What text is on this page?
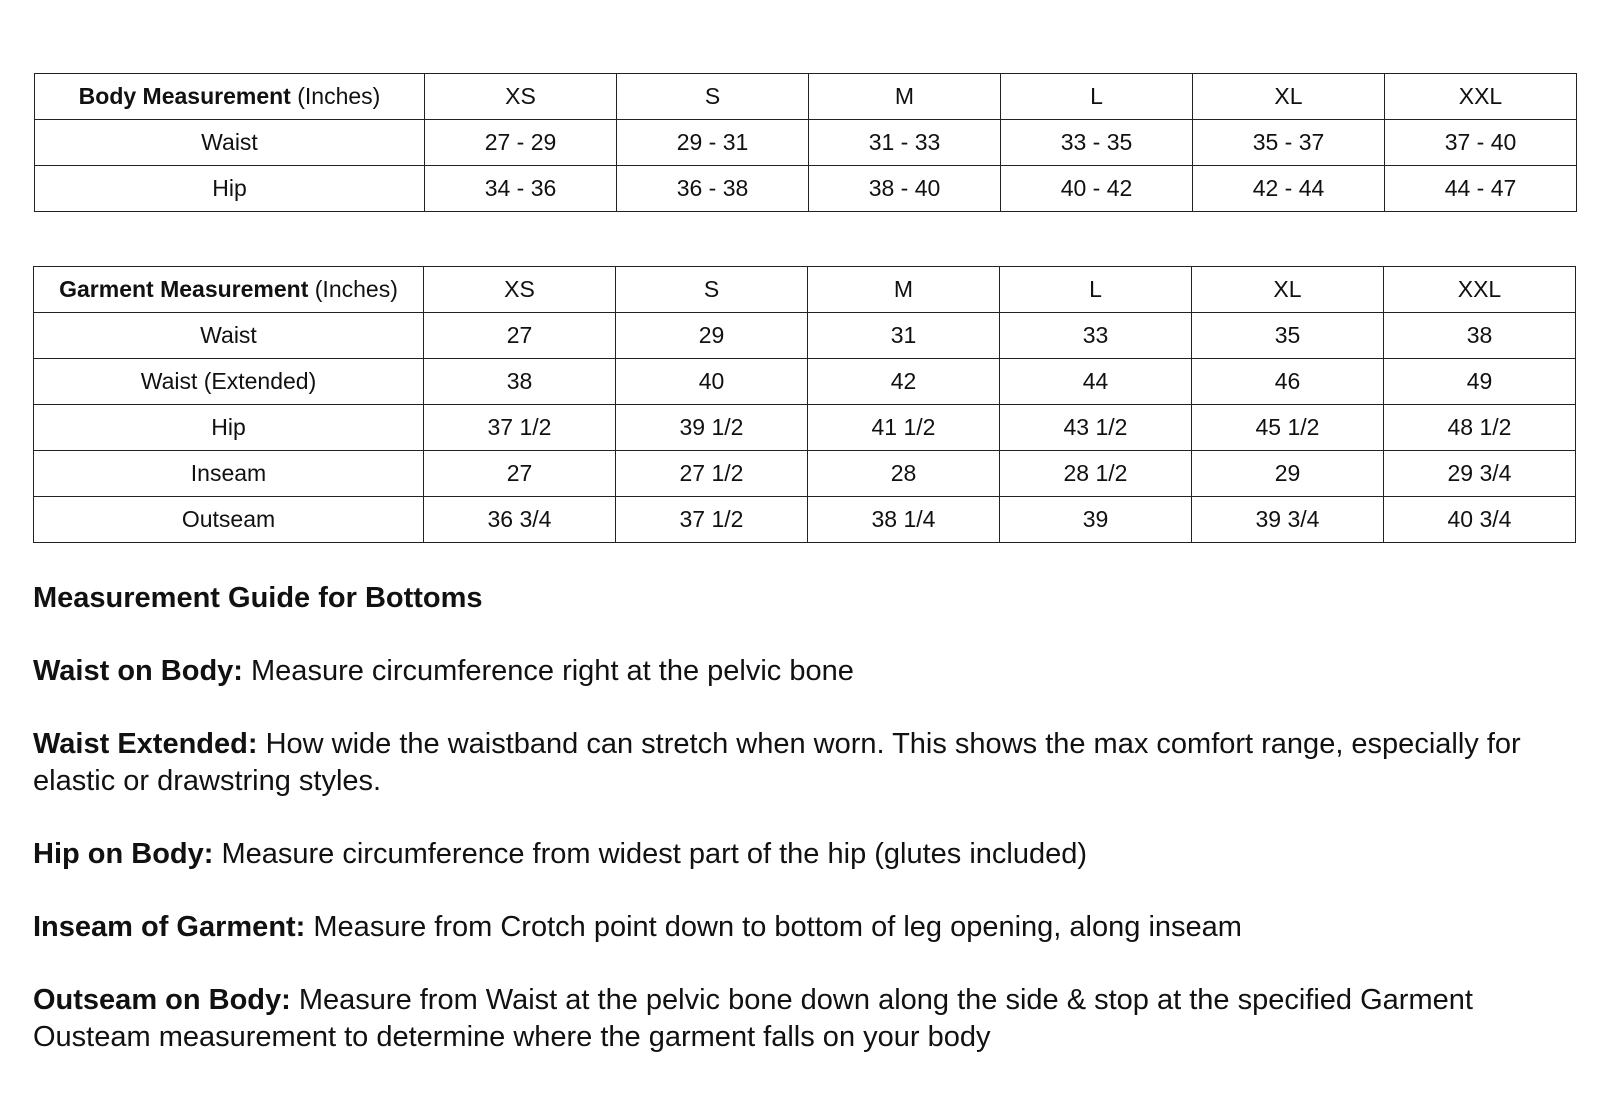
Body Measurement (Inches)	XS	S	M	L	XL	XXL
Waist	27 - 29	29 - 31	31 - 33	33 - 35	35 - 37	37 - 40
Hip	34 - 36	36 - 38	38 - 40	40 - 42	42 - 44	44 - 47
Garment Measurement (Inches)	XS	S	M	L	XL	XXL
Waist	27	29	31	33	35	38
Waist (Extended)	38	40	42	44	46	49
Hip	37 1/2	39 1/2	41 1/2	43 1/2	45 1/2	48 1/2
Inseam	27	27 1/2	28	28 1/2	29	29 3/4
Outseam	36 3/4	37 1/2	38 1/4	39	39 3/4	40 3/4
Measurement Guide for Bottoms
Waist on Body: Measure circumference right at the pelvic bone
Waist Extended: How wide the waistband can stretch when worn. This shows the max comfort range, especially for elastic or drawstring styles.
Hip on Body: Measure circumference from widest part of the hip (glutes included)
Inseam of Garment: Measure from Crotch point down to bottom of leg opening, along inseam
Outseam on Body: Measure from Waist at the pelvic bone down along the side & stop at the specified Garment Ousteam measurement to determine where the garment falls on your body
